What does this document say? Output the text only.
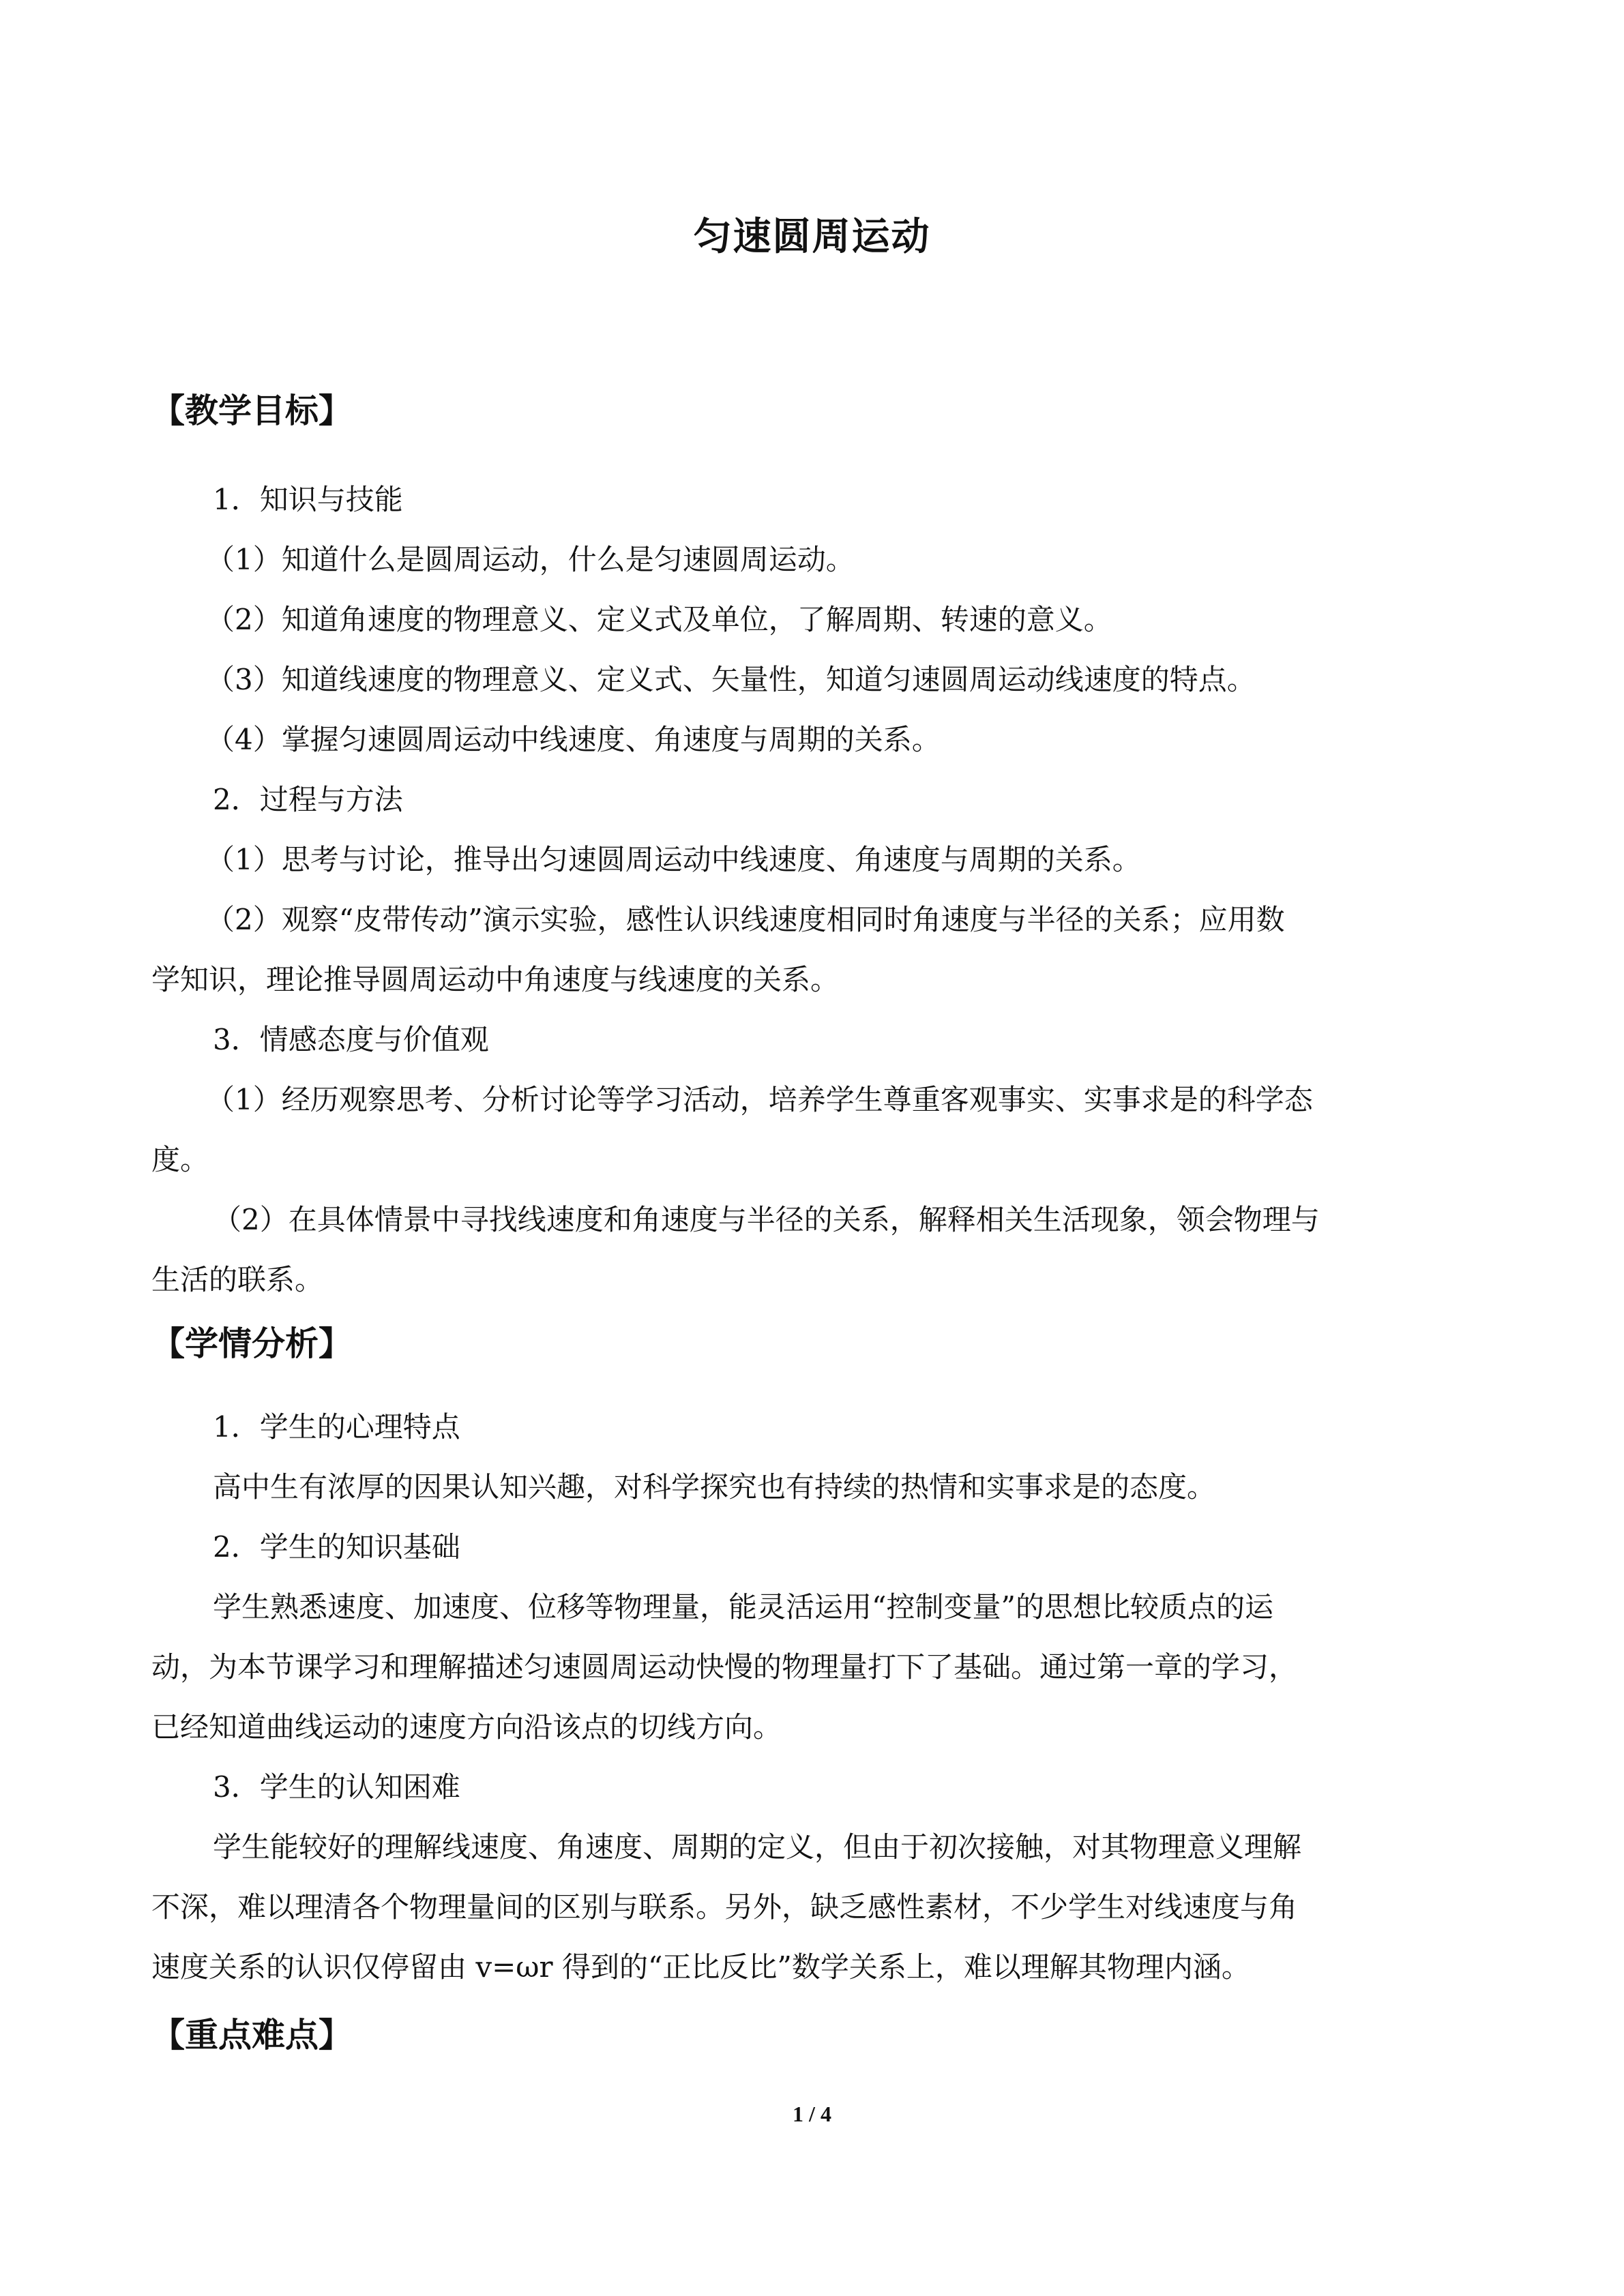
匀速圆周运动
【教学目标】
1．知识与技能
（1）知道什么是圆周运动，什么是匀速圆周运动。
（2）知道角速度的物理意义、定义式及单位，了解周期、转速的意义。
（3）知道线速度的物理意义、定义式、矢量性，知道匀速圆周运动线速度的特点。
（4）掌握匀速圆周运动中线速度、角速度与周期的关系。
2．过程与方法
（1）思考与讨论，推导出匀速圆周运动中线速度、角速度与周期的关系。
（2）观察“皮带传动”演示实验，感性认识线速度相同时角速度与半径的关系；应用数
学知识，理论推导圆周运动中角速度与线速度的关系。
3．情感态度与价值观
（1）经历观察思考、分析讨论等学习活动，培养学生尊重客观事实、实事求是的科学态
度。
（2）在具体情景中寻找线速度和角速度与半径的关系，解释相关生活现象，领会物理与
生活的联系。
【学情分析】
1．学生的心理特点
高中生有浓厚的因果认知兴趣，对科学探究也有持续的热情和实事求是的态度。
2．学生的知识基础
学生熟悉速度、加速度、位移等物理量，能灵活运用“控制变量”的思想比较质点的运
动，为本节课学习和理解描述匀速圆周运动快慢的物理量打下了基础。通过第一章的学习，
已经知道曲线运动的速度方向沿该点的切线方向。
3．学生的认知困难
学生能较好的理解线速度、角速度、周期的定义，但由于初次接触，对其物理意义理解
不深，难以理清各个物理量间的区别与联系。另外，缺乏感性素材，不少学生对线速度与角
速度关系的认识仅停留由 v=ωr 得到的“正比反比”数学关系上，难以理解其物理内涵。
【重点难点】
1 / 4
